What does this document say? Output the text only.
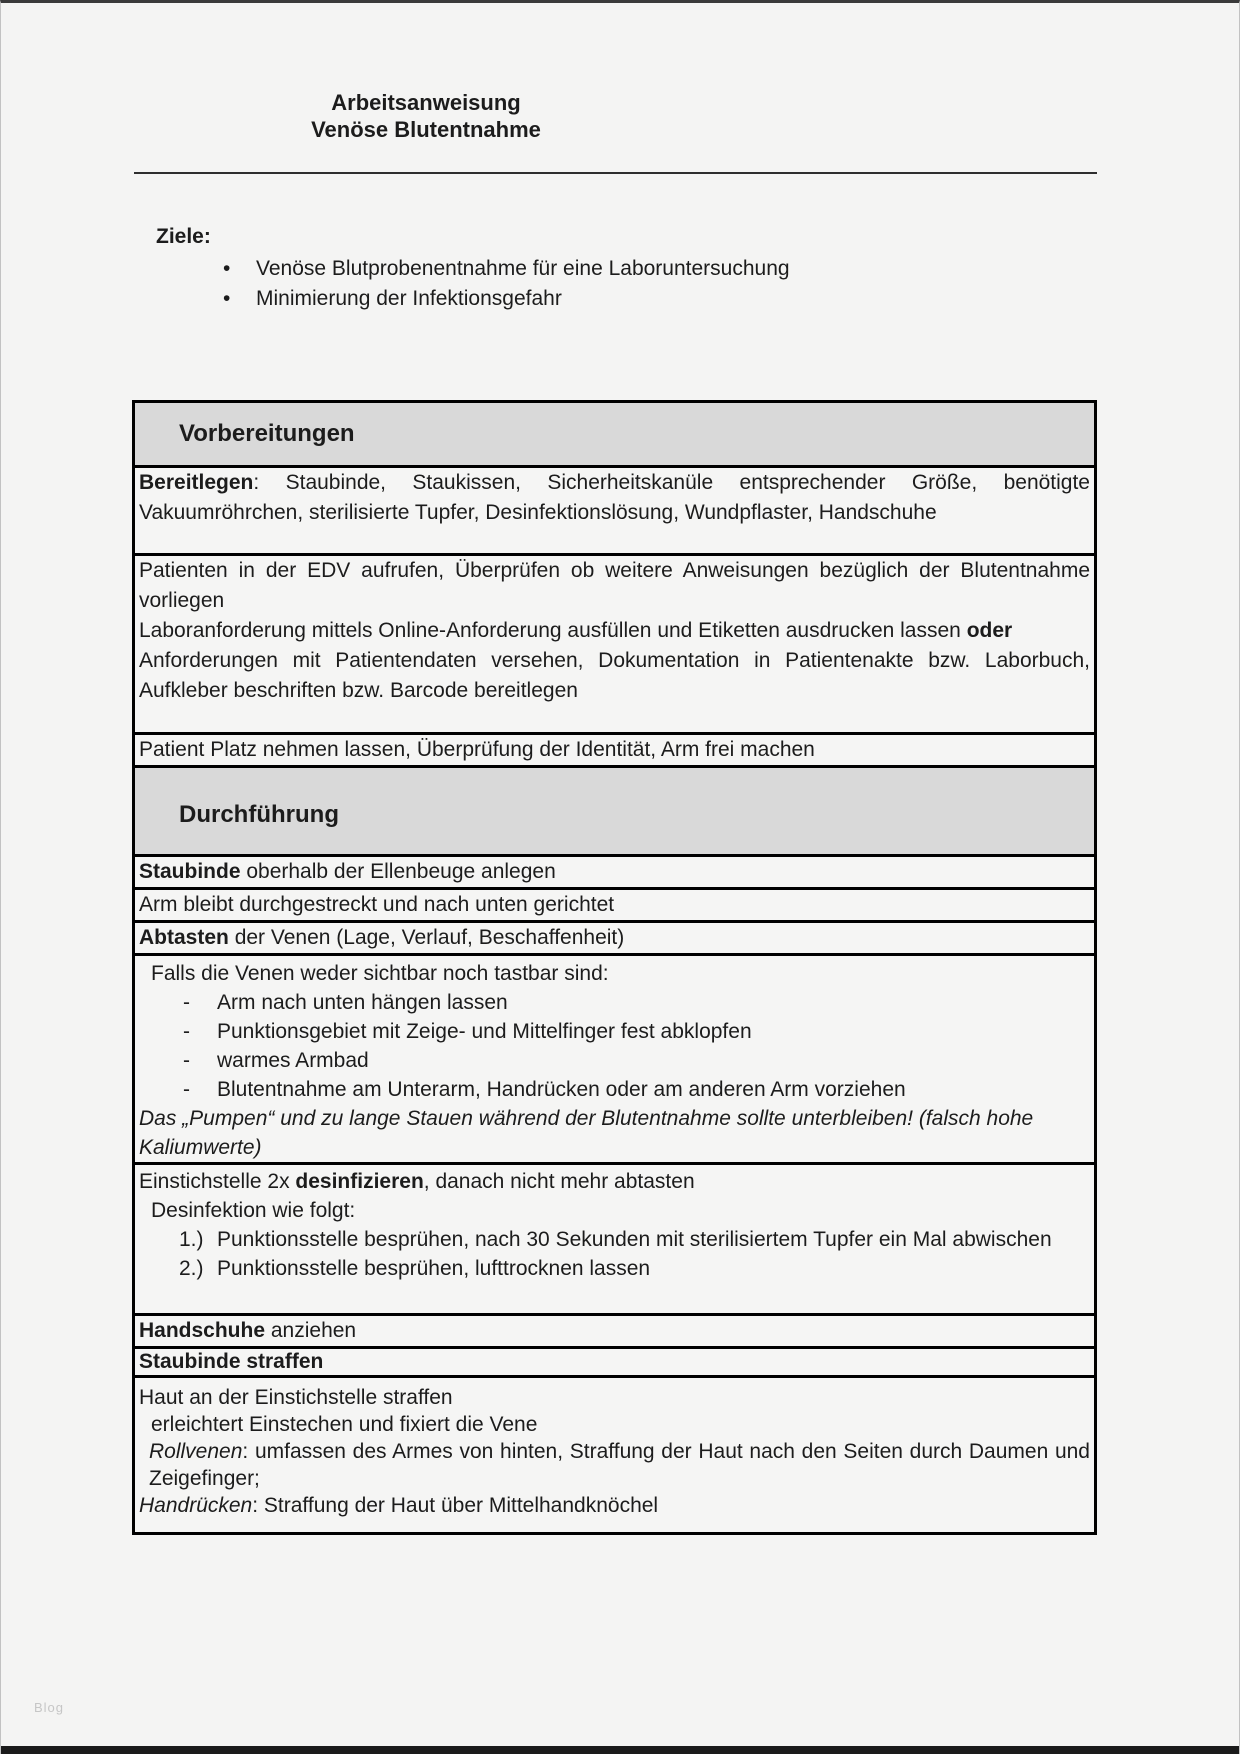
Arbeitsanweisung
Venöse Blutentnahme
Ziele:
•	Venöse Blutprobenentnahme für eine Laboruntersuchung
•	Minimierung der Infektionsgefahr
Vorbereitungen
Bereitlegen: Staubinde, Staukissen, Sicherheitskanüle entsprechender Größe, benötigte Vakuumröhrchen, sterilisierte Tupfer, Desinfektionslösung, Wundpflaster, Handschuhe
Patienten in der EDV aufrufen, Überprüfen ob weitere Anweisungen bezüglich der Blutentnahme vorliegen
Laboranforderung mittels Online-Anforderung ausfüllen und Etiketten ausdrucken lassen oder
Anforderungen mit Patientendaten versehen, Dokumentation in Patientenakte bzw. Laborbuch, Aufkleber beschriften bzw. Barcode bereitlegen
Patient Platz nehmen lassen, Überprüfung der Identität, Arm frei machen
Durchführung
Staubinde oberhalb der Ellenbeuge anlegen
Arm bleibt durchgestreckt und nach unten gerichtet
Abtasten der Venen (Lage, Verlauf, Beschaffenheit)
Falls die Venen weder sichtbar noch tastbar sind:
-	Arm nach unten hängen lassen
-	Punktionsgebiet mit Zeige- und Mittelfinger fest abklopfen
-	warmes Armbad
-	Blutentnahme am Unterarm, Handrücken oder am anderen Arm vorziehen
Das „Pumpen“ und zu lange Stauen während der Blutentnahme sollte unterbleiben! (falsch hohe Kaliumwerte)
Einstichstelle 2x desinfizieren, danach nicht mehr abtasten
Desinfektion wie folgt:
1.) Punktionsstelle besprühen, nach 30 Sekunden mit sterilisiertem Tupfer ein Mal abwischen
2.) Punktionsstelle besprühen, lufttrocknen lassen
Handschuhe anziehen
Staubinde straffen
Haut an der Einstichstelle straffen
erleichtert Einstechen und fixiert die Vene
Rollvenen: umfassen des Armes von hinten, Straffung der Haut nach den Seiten durch Daumen und Zeigefinger;
Handrücken: Straffung der Haut über Mittelhandknöchel
Blog
